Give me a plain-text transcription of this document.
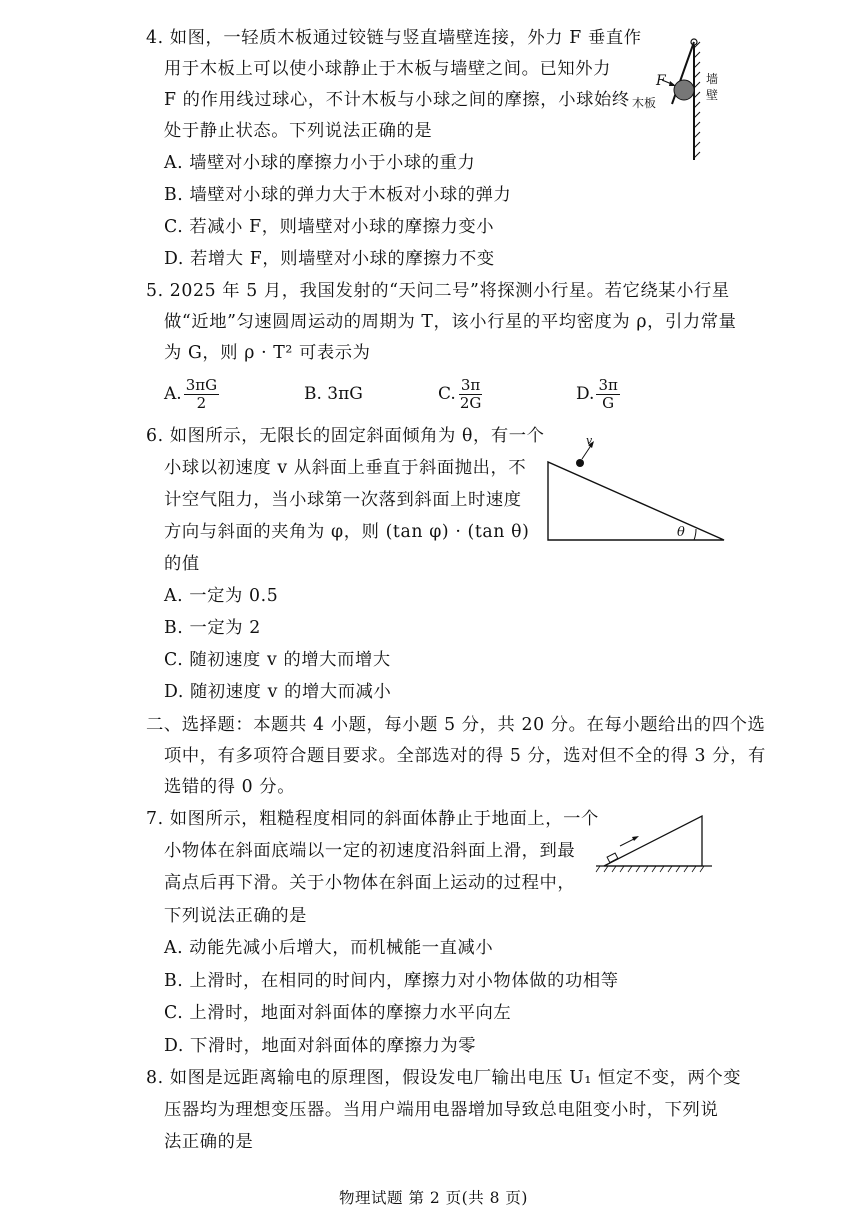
4. 如图，一轻质木板通过铰链与竖直墙壁连接，外力 F 垂直作
用于木板上可以使小球静止于木板与墙壁之间。已知外力
F 的作用线过球心，不计木板与小球之间的摩擦，小球始终
处于静止状态。下列说法正确的是
A. 墙壁对小球的摩擦力小于小球的重力
B. 墙壁对小球的弹力大于木板对小球的弹力
C. 若减小 F，则墙壁对小球的摩擦力变小
D. 若增大 F，则墙壁对小球的摩擦力不变
F
木板
墙
壁
5. 2025 年 5 月，我国发射的“天问二号”将探测小行星。若它绕某小行星
做“近地”匀速圆周运动的周期为 T，该小行星的平均密度为 ρ，引力常量
为 G，则 ρ · T² 可表示为
A. $\frac{3\pi G}{2}$	B. 3πG	C. $\frac{3\pi}{2G}$	D. $\frac{3\pi}{G}$
6. 如图所示，无限长的固定斜面倾角为 θ，有一个
小球以初速度 v 从斜面上垂直于斜面抛出，不
计空气阻力，当小球第一次落到斜面上时速度
方向与斜面的夹角为 φ，则 (tan φ) · (tan θ)
的值
A. 一定为 0.5
B. 一定为 2
C. 随初速度 v 的增大而增大
D. 随初速度 v 的增大而减小
v
θ
二、选择题：本题共 4 小题，每小题 5 分，共 20 分。在每小题给出的四个选
项中，有多项符合题目要求。全部选对的得 5 分，选对但不全的得 3 分，有
选错的得 0 分。
7. 如图所示，粗糙程度相同的斜面体静止于地面上，一个
小物体在斜面底端以一定的初速度沿斜面上滑，到最
高点后再下滑。关于小物体在斜面上运动的过程中，
下列说法正确的是
A. 动能先减小后增大，而机械能一直减小
B. 上滑时，在相同的时间内，摩擦力对小物体做的功相等
C. 上滑时，地面对斜面体的摩擦力水平向左
D. 下滑时，地面对斜面体的摩擦力为零
8. 如图是远距离输电的原理图，假设发电厂输出电压 U₁ 恒定不变，两个变
压器均为理想变压器。当用户端用电器增加导致总电阻变小时，下列说
法正确的是
物理试题 第 2 页(共 8 页)
